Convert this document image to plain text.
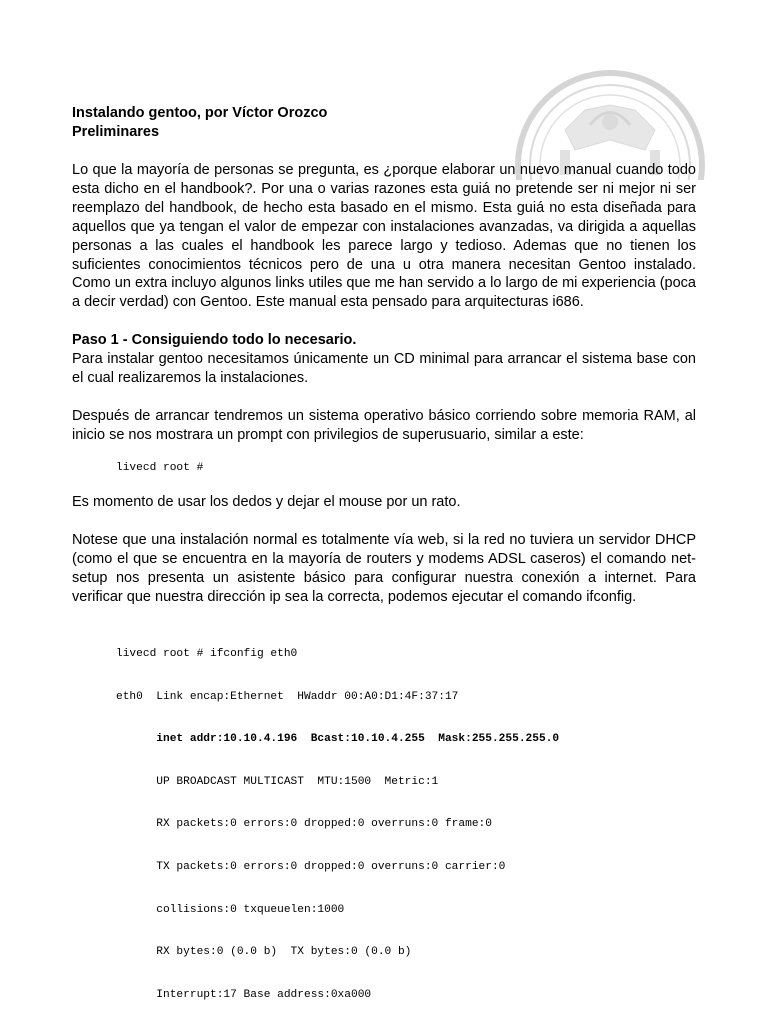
Instalando gentoo, por Víctor Orozco

Preliminares

Lo que la mayoría de personas se pregunta, es ¿porque elaborar un nuevo manual cuando todo esta dicho en el handbook?. Por una o varias razones esta guiá no pretende ser ni mejor ni ser reemplazo del handbook, de hecho esta basado en el mismo. Esta guiá no esta diseñada para aquellos que ya tengan el valor de empezar con instalaciones avanzadas, va dirigida a aquellas personas a las cuales el handbook les parece largo y tedioso. Ademas que no tienen los suficientes conocimientos técnicos pero de una u otra manera necesitan Gentoo instalado. Como un extra incluyo algunos links utiles que me han servido a lo largo de mi experiencia (poca a decir verdad) con Gentoo. Este manual esta pensado para arquitecturas i686.

Paso 1 - Consiguiendo todo lo necesario.

Para instalar gentoo necesitamos únicamente un CD minimal para arrancar el sistema base con el cual realizaremos la instalaciones.

Después de arrancar tendremos un sistema operativo básico corriendo sobre memoria RAM, al inicio se nos mostrara un prompt con privilegios de superusuario, similar a este:

livecd root #

Es momento de usar los dedos y dejar el mouse por un rato.

Notese que una instalación normal es totalmente vía web, si la red no tuviera un servidor DHCP (como el que se encuentra en la mayoría de routers y modems ADSL caseros) el comando net-setup nos presenta un asistente básico para configurar nuestra conexión a internet. Para verificar que nuestra dirección ip sea la correcta, podemos ejecutar el comando ifconfig.

livecd root # ifconfig eth0

eth0  Link encap:Ethernet  HWaddr 00:A0:D1:4F:37:17

inet addr:10.10.4.196  Bcast:10.10.4.255  Mask:255.255.255.0

UP BROADCAST MULTICAST  MTU:1500  Metric:1

RX packets:0 errors:0 dropped:0 overruns:0 frame:0

TX packets:0 errors:0 dropped:0 overruns:0 carrier:0

collisions:0 txqueuelen:1000

RX bytes:0 (0.0 b)  TX bytes:0 (0.0 b)

Interrupt:17 Base address:0xa000
